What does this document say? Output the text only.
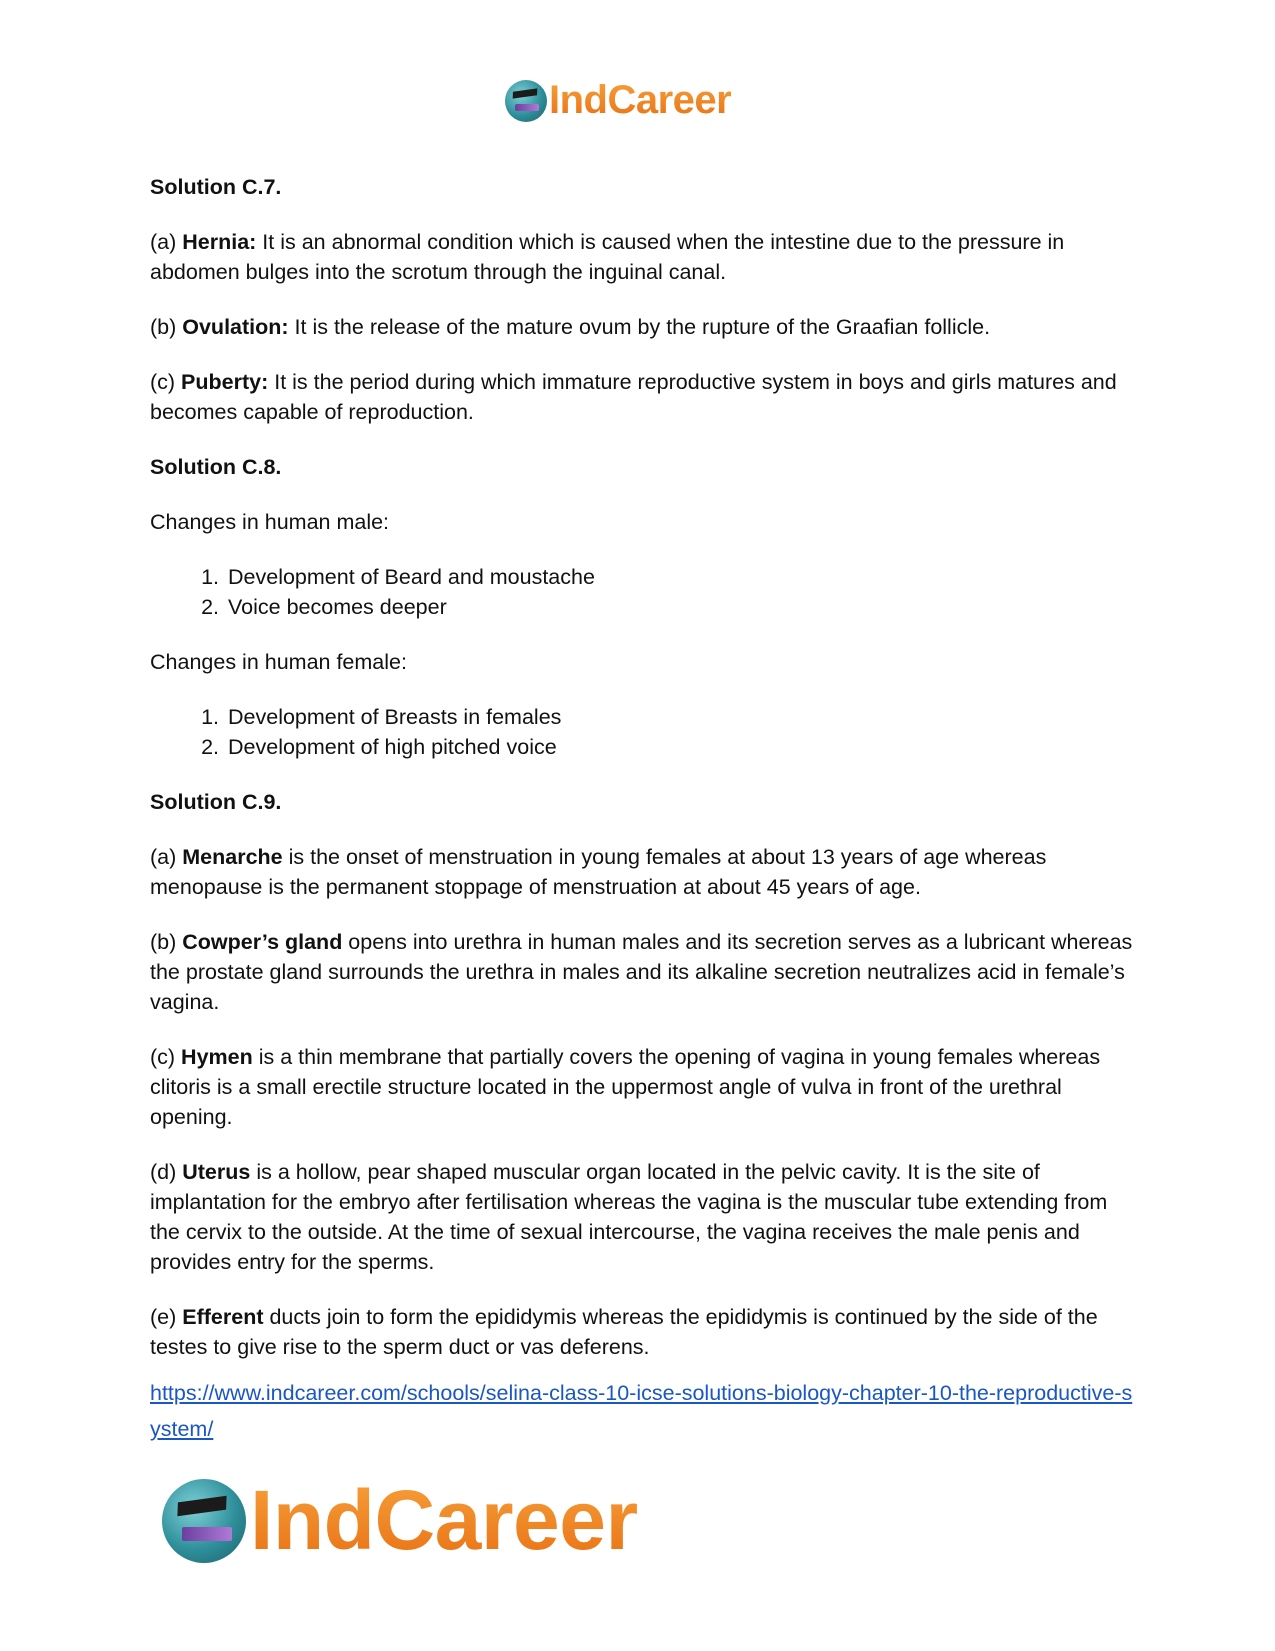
IndCareer
Solution C.7.

(a) Hernia: It is an abnormal condition which is caused when the intestine due to the pressure in abdomen bulges into the scrotum through the inguinal canal.

(b) Ovulation: It is the release of the mature ovum by the rupture of the Graafian follicle.

(c) Puberty: It is the period during which immature reproductive system in boys and girls matures and becomes capable of reproduction.

Solution C.8.

Changes in human male:

1. Development of Beard and moustache
2. Voice becomes deeper

Changes in human female:

1. Development of Breasts in females
2. Development of high pitched voice
Solution C.9.

(a) Menarche is the onset of menstruation in young females at about 13 years of age whereas menopause is the permanent stoppage of menstruation at about 45 years of age.

(b) Cowper’s gland opens into urethra in human males and its secretion serves as a lubricant whereas the prostate gland surrounds the urethra in males and its alkaline secretion neutralizes acid in female’s vagina.

(c) Hymen is a thin membrane that partially covers the opening of vagina in young females whereas clitoris is a small erectile structure located in the uppermost angle of vulva in front of the urethral opening.

(d) Uterus is a hollow, pear shaped muscular organ located in the pelvic cavity. It is the site of implantation for the embryo after fertilisation whereas the vagina is the muscular tube extending from the cervix to the outside. At the time of sexual intercourse, the vagina receives the male penis and provides entry for the sperms.

(e) Efferent ducts join to form the epididymis whereas the epididymis is continued by the side of the testes to give rise to the sperm duct or vas deferens.

https://www.indcareer.com/schools/selina-class-10-icse-solutions-biology-chapter-10-the-reproductive-system/
IndCareer
